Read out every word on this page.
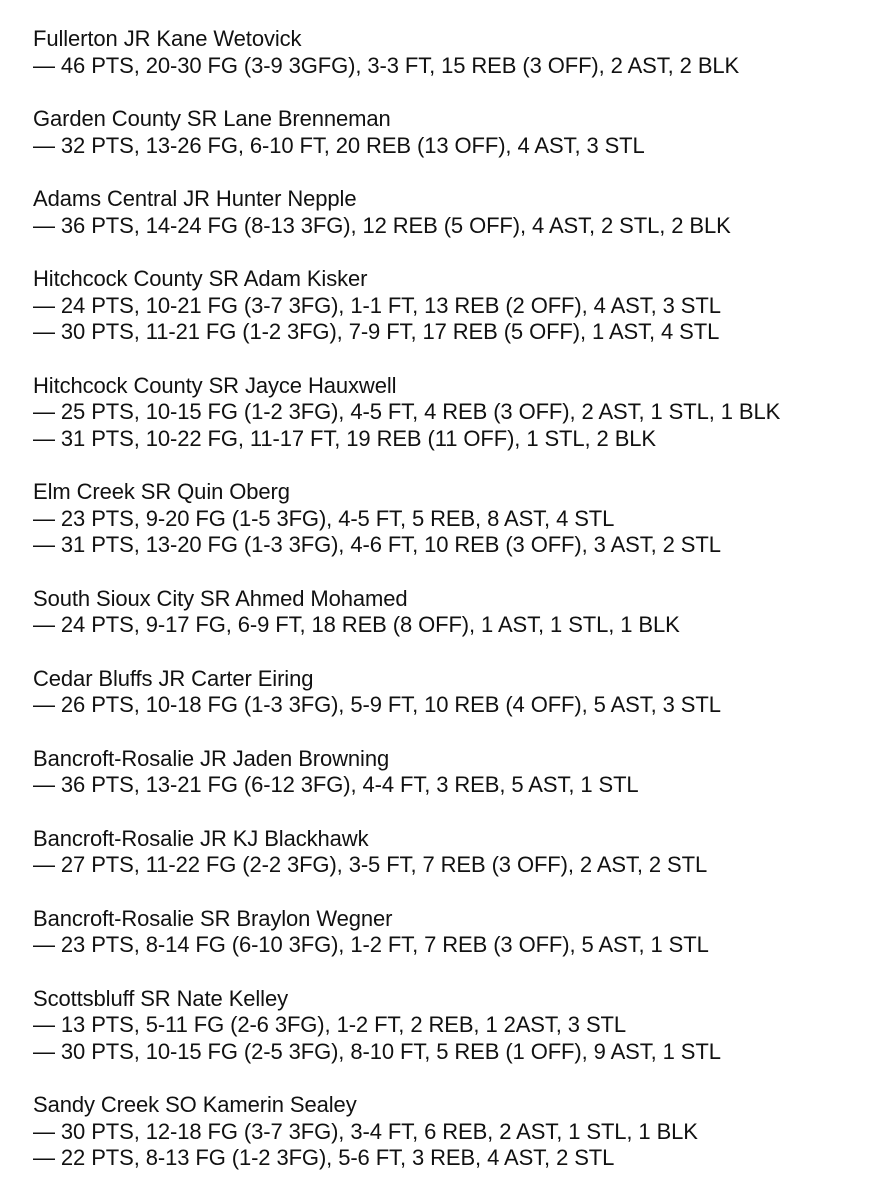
Fullerton JR Kane Wetovick
— 46 PTS, 20-30 FG (3-9 3GFG), 3-3 FT, 15 REB (3 OFF), 2 AST, 2 BLK
Garden County SR Lane Brenneman
— 32 PTS, 13-26 FG, 6-10 FT, 20 REB (13 OFF), 4 AST, 3 STL
Adams Central JR Hunter Nepple
— 36 PTS, 14-24 FG (8-13 3FG), 12 REB (5 OFF), 4 AST, 2 STL, 2 BLK
Hitchcock County SR Adam Kisker
— 24 PTS, 10-21 FG (3-7 3FG), 1-1 FT, 13 REB (2 OFF), 4 AST, 3 STL
— 30 PTS, 11-21 FG (1-2 3FG), 7-9 FT, 17 REB (5 OFF), 1 AST, 4 STL
Hitchcock County SR Jayce Hauxwell
— 25 PTS, 10-15 FG (1-2 3FG), 4-5 FT, 4 REB (3 OFF), 2 AST, 1 STL, 1 BLK
— 31 PTS, 10-22 FG, 11-17 FT, 19 REB (11 OFF), 1 STL, 2 BLK
Elm Creek SR Quin Oberg
— 23 PTS, 9-20 FG (1-5 3FG), 4-5 FT, 5 REB, 8 AST, 4 STL
— 31 PTS, 13-20 FG (1-3 3FG), 4-6 FT, 10 REB (3 OFF), 3 AST, 2 STL
South Sioux City SR Ahmed Mohamed
— 24 PTS, 9-17 FG, 6-9 FT, 18 REB (8 OFF), 1 AST, 1 STL, 1 BLK
Cedar Bluffs JR Carter Eiring
— 26 PTS, 10-18 FG (1-3 3FG), 5-9 FT, 10 REB (4 OFF), 5 AST, 3 STL
Bancroft-Rosalie JR Jaden Browning
— 36 PTS, 13-21 FG (6-12 3FG), 4-4 FT, 3 REB, 5 AST, 1 STL
Bancroft-Rosalie JR KJ Blackhawk
— 27 PTS, 11-22 FG (2-2 3FG), 3-5 FT, 7 REB (3 OFF), 2 AST, 2 STL
Bancroft-Rosalie SR Braylon Wegner
— 23 PTS, 8-14 FG (6-10 3FG), 1-2 FT, 7 REB (3 OFF), 5 AST, 1 STL
Scottsbluff SR Nate Kelley
— 13 PTS, 5-11 FG (2-6 3FG), 1-2 FT, 2 REB, 1 2AST, 3 STL
— 30 PTS, 10-15 FG (2-5 3FG), 8-10 FT, 5 REB (1 OFF), 9 AST, 1 STL
Sandy Creek SO Kamerin Sealey
— 30 PTS, 12-18 FG (3-7 3FG), 3-4 FT, 6 REB, 2 AST, 1 STL, 1 BLK
— 22 PTS, 8-13 FG (1-2 3FG), 5-6 FT, 3 REB, 4 AST, 2 STL
